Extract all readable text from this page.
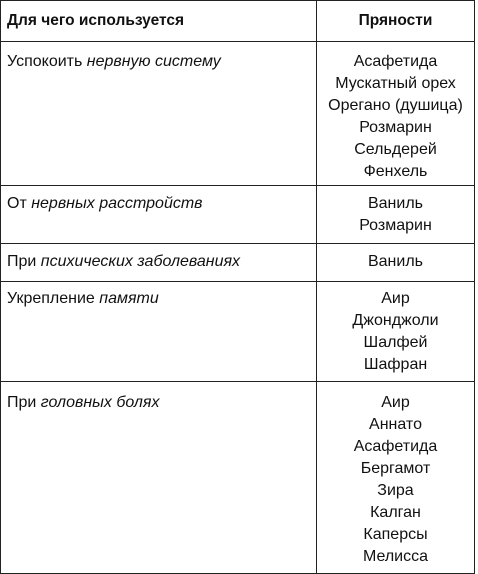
Для чего используется	Пряности
Успокоить нервную систему	Асафетида
Мускатный орех
Орегано (душица)
Розмарин
Сельдерей
Фенхель
От нервных расстройств	Ваниль
Розмарин
При психических заболеваниях	Ваниль
Укрепление памяти	Аир
Джонджоли
Шалфей
Шафран
При головных болях	Аир
Аннато
Асафетида
Бергамот
Зира
Калган
Каперсы
Мелисса
